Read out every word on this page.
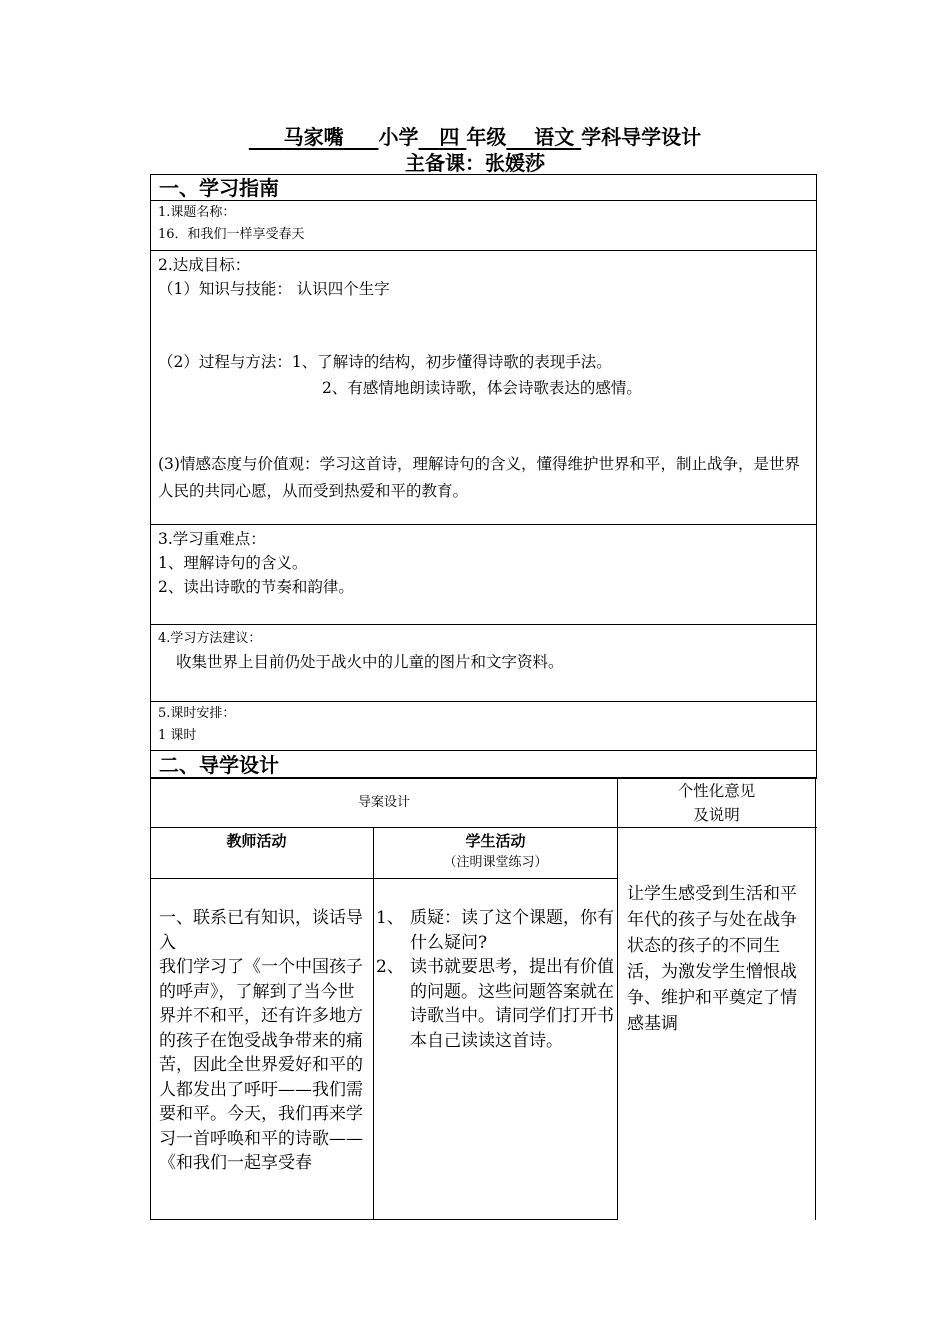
马家嘴 小学 四 年级 语文 学科导学设计
主备课：张媛莎
一、学习指南
1.课题名称：
16．和我们一样享受春天
2.达成目标：
（1）知识与技能： 认识四个生字
（2）过程与方法：1、了解诗的结构，初步懂得诗歌的表现手法。
2、有感情地朗读诗歌，体会诗歌表达的感情。
(3)情感态度与价值观：学习这首诗，理解诗句的含义，懂得维护世界和平，制止战争，是世界人民的共同心愿，从而受到热爱和平的教育。
3.学习重难点：
1、理解诗句的含义。
2、读出诗歌的节奏和韵律。
4.学习方法建议：
收集世界上目前仍处于战火中的儿童的图片和文字资料。
5.课时安排：
1 课时
二、导学设计
导案设计
个性化意见
及说明
教师活动	学生活动
（注明课堂练习）
一、联系已有知识，谈话导入
我们学习了《一个中国孩子的呼声》，了解到了当今世界并不和平，还有许多地方的孩子在饱受战争带来的痛苦，因此全世界爱好和平的人都发出了呼吁——我们需要和平。今天，我们再来学习一首呼唤和平的诗歌——《和我们一起享受春
1、 质疑：读了这个课题，你有什么疑问?
2、 读书就要思考，提出有价值的问题。这些问题答案就在诗歌当中。请同学们打开书本自己读读这首诗。
让学生感受到生活和平年代的孩子与处在战争状态的孩子的不同生活，为激发学生憎恨战争、维护和平奠定了情感基调
